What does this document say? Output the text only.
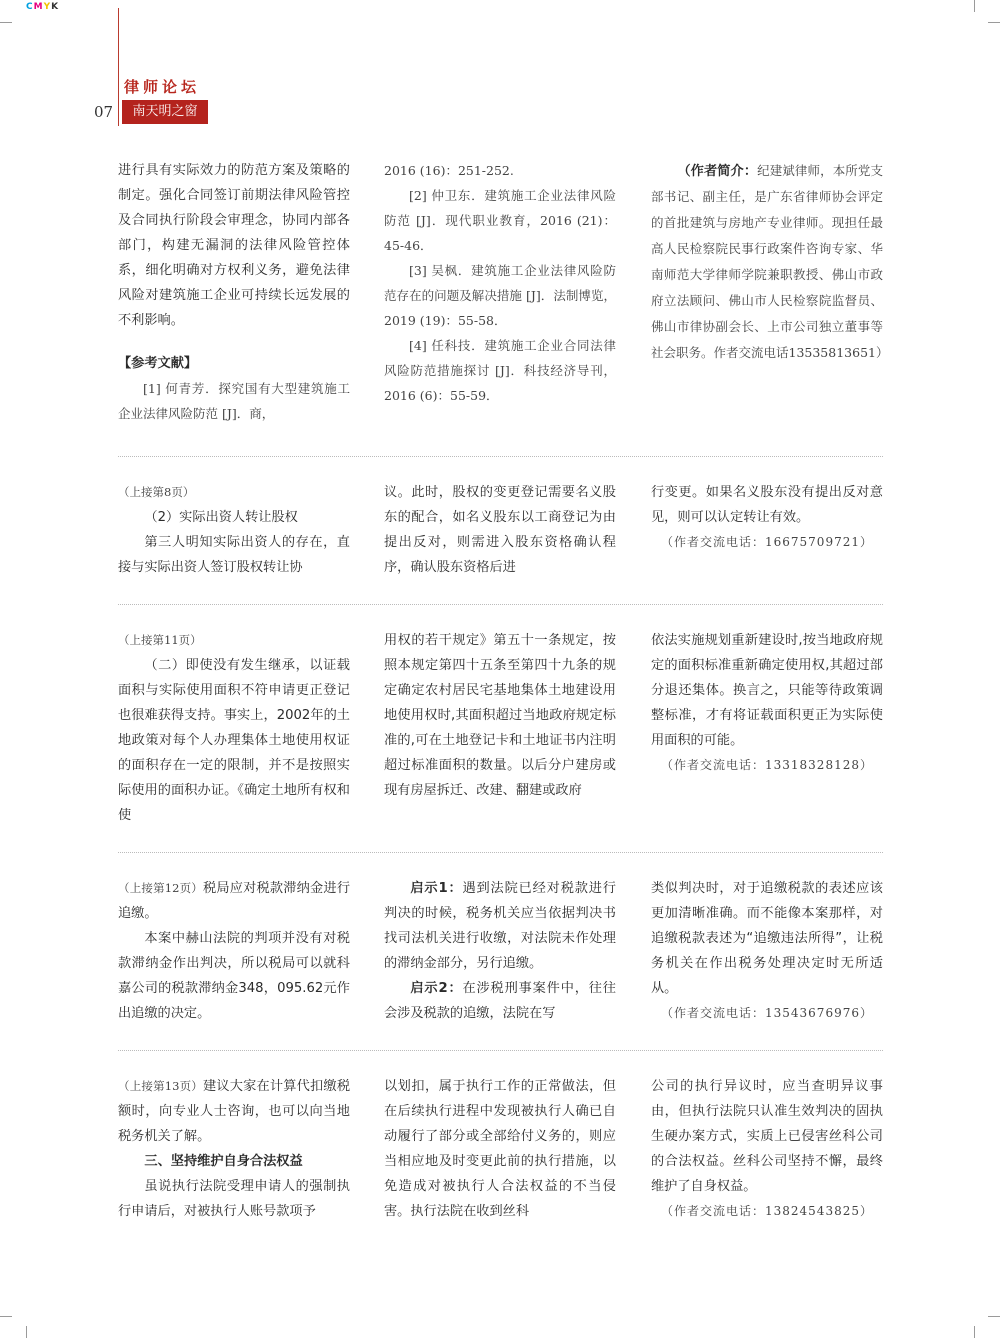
CMYK
律师论坛
07	南天明之窗

进行具有实际效力的防范方案及策略的制定。强化合同签订前期法律风险管控及合同执行阶段会审理念，协同内部各部门，构建无漏洞的法律风险管控体系，细化明确对方权利义务，避免法律风险对建筑施工企业可持续长远发展的不利影响。

【参考文献】

[1] 何青芳．探究国有大型建筑施工企业法律风险防范 [J]．商，

2016 (16)：251-252.

[2] 仲卫东．建筑施工企业法律风险防范 [J]．现代职业教育，2016 (21)：45-46．

[3] 吴枫．建筑施工企业法律风险防范存在的问题及解决措施 [J]．法制博览，2019 (19)：55-58．

[4] 任科技．建筑施工企业合同法律风险防范措施探讨 [J]．科技经济导刊，2016 (6)：55-59．

（作者简介：纪建斌律师，本所党支部书记、副主任，是广东省律师协会评定的首批建筑与房地产专业律师。现担任最高人民检察院民事行政案件咨询专家、华南师范大学律师学院兼职教授、佛山市政府立法顾问、佛山市人民检察院监督员、佛山市律协副会长、上市公司独立董事等社会职务。作者交流电话13535813651）

（上接第8页）

（2）实际出资人转让股权

第三人明知实际出资人的存在，直接与实际出资人签订股权转让协

议。此时，股权的变更登记需要名义股东的配合，如名义股东以工商登记为由提出反对，则需进入股东资格确认程序，确认股东资格后进

行变更。如果名义股东没有提出反对意见，则可以认定转让有效。

（作者交流电话：16675709721）

（上接第11页）

（二）即使没有发生继承，以证载面积与实际使用面积不符申请更正登记也很难获得支持。事实上，2002年的土地政策对每个人办理集体土地使用权证的面积存在一定的限制，并不是按照实际使用的面积办证。《确定土地所有权和使

用权的若干规定》第五十一条规定，按照本规定第四十五条至第四十九条的规定确定农村居民宅基地集体土地建设用地使用权时,其面积超过当地政府规定标准的,可在土地登记卡和土地证书内注明超过标准面积的数量。以后分户建房或现有房屋拆迁、改建、翻建或政府

依法实施规划重新建设时,按当地政府规定的面积标准重新确定使用权,其超过部分退还集体。换言之，只能等待政策调整标准，才有将证载面积更正为实际使用面积的可能。

（作者交流电话：13318328128）

（上接第12页）税局应对税款滞纳金进行追缴。

本案中赫山法院的判项并没有对税款滞纳金作出判决，所以税局可以就科嘉公司的税款滞纳金348，095.62元作出追缴的决定。

启示1：遇到法院已经对税款进行判决的时候，税务机关应当依据判决书找司法机关进行收缴，对法院未作处理的滞纳金部分，另行追缴。

启示2：在涉税刑事案件中，往往会涉及税款的追缴，法院在写

类似判决时，对于追缴税款的表述应该更加清晰准确。而不能像本案那样，对追缴税款表述为“追缴违法所得”，让税务机关在作出税务处理决定时无所适从。

（作者交流电话：13543676976）

（上接第13页）建议大家在计算代扣缴税额时，向专业人士咨询，也可以向当地税务机关了解。

三、坚持维护自身合法权益

虽说执行法院受理申请人的强制执行申请后，对被执行人账号款项予

以划扣，属于执行工作的正常做法，但在后续执行进程中发现被执行人确已自动履行了部分或全部给付义务的，则应当相应地及时变更此前的执行措施，以免造成对被执行人合法权益的不当侵害。执行法院在收到丝科

公司的执行异议时，应当查明异议事由，但执行法院只认准生效判决的固执生硬办案方式，实质上已侵害丝科公司的合法权益。丝科公司坚持不懈，最终维护了自身权益。

（作者交流电话：13824543825）
